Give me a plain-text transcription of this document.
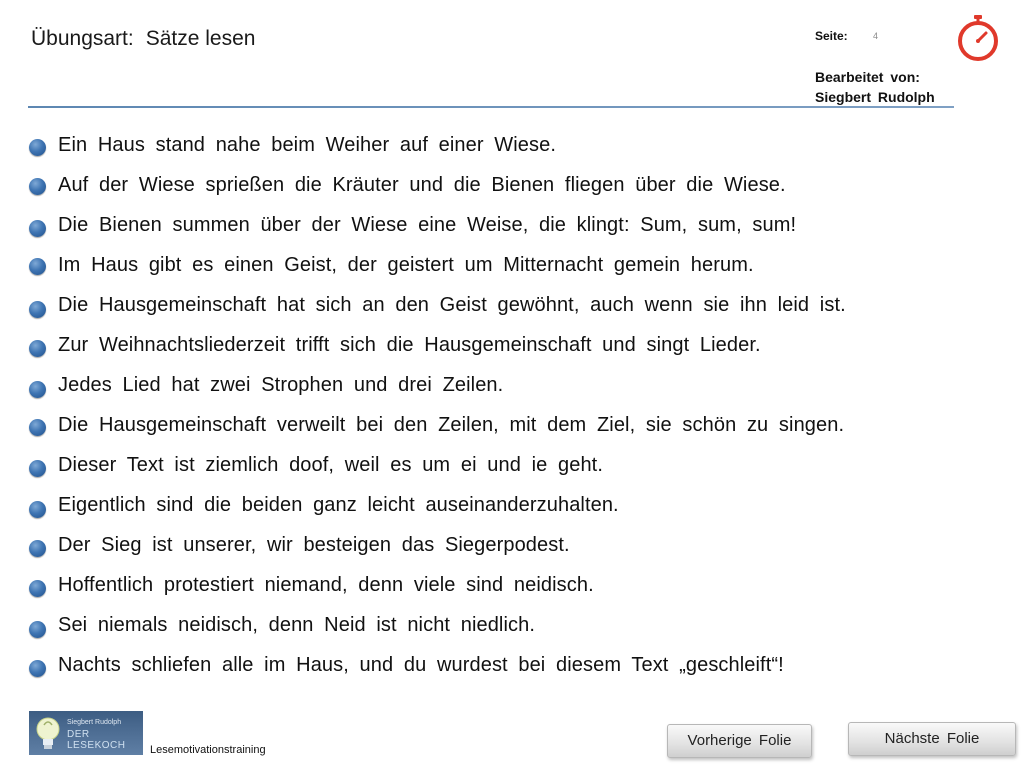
Übungsart: Sätze lesen	Seite:	4
Bearbeitet von:
Siegbert Rudolph
Ein Haus stand nahe beim Weiher auf einer Wiese.
Auf der Wiese sprießen die Kräuter und die Bienen fliegen über die Wiese.
Die Bienen summen über der Wiese eine Weise, die klingt: Sum, sum, sum!
Im Haus gibt es einen Geist, der geistert um Mitternacht gemein herum.
Die Hausgemeinschaft hat sich an den Geist gewöhnt, auch wenn sie ihn leid ist.
Zur Weihnachtsliederzeit trifft sich die Hausgemeinschaft und singt Lieder.
Jedes Lied hat zwei Strophen und drei Zeilen.
Die Hausgemeinschaft verweilt bei den Zeilen, mit dem Ziel, sie schön zu singen.
Dieser Text ist ziemlich doof, weil es um ei und ie geht.
Eigentlich sind die beiden ganz leicht auseinanderzuhalten.
Der Sieg ist unserer, wir besteigen das Siegerpodest.
Hoffentlich protestiert niemand, denn viele sind neidisch.
Sei niemals neidisch, denn Neid ist nicht niedlich.
Nachts schliefen alle im Haus, und du wurdest bei diesem Text „geschleift“!
Siegbert Rudolph
DER LESEKOCH	Lesemotivationstraining
Vorherige Folie	Nächste Folie
